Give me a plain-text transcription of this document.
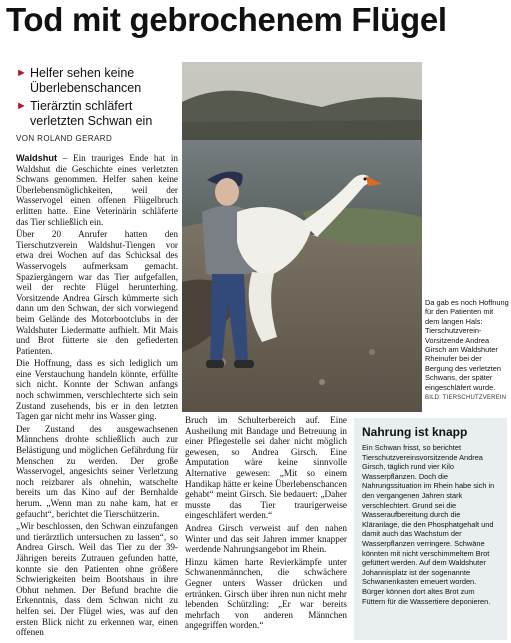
Tod mit gebrochenem Flügel
► Helfer sehen keine Überlebenschancen
► Tierärztin schläfert verletzten Schwan ein
VON ROLAND GERARD
Da gab es noch Hoffnung für den Patienten mit dem langen Hals: Tierschutzverein-Vorsitzende Andrea Girsch am Waldshuter Rheinufer bei der Bergung des verletzten Schwans, der später eingeschläfert wurde. BILD: TIERSCHUTZVEREIN

Waldshut – Ein trauriges Ende hat in Waldshut die Geschichte eines verletzten Schwans genommen. Helfer sahen keine Überlebensmöglichkeiten, weil der Wasservogel einen offenen Flügelbruch erlitten hatte. Eine Veterinärin schläferte das Tier schließlich ein.

Über 20 Anrufer hatten den Tierschutzverein Waldshut-Tiengen vor etwa drei Wochen auf das Schicksal des Wasservogels aufmerksam gemacht. Spaziergängern war das Tier aufgefallen, weil der rechte Flügel herunterhing. Vorsitzende Andrea Girsch kümmerte sich dann um den Schwan, der sich vorwiegend beim Gelände des Motorbootclubs in der Waldshuter Liedermatte aufhielt. Mit Mais und Brot fütterte sie den gefiederten Patienten.

Die Hoffnung, dass es sich lediglich um eine Verstauchung handeln könnte, erfüllte sich nicht. Konnte der Schwan anfangs noch schwimmen, verschlechterte sich sein Zustand zusehends, bis er in den letzten Tagen gar nicht mehr ins Wasser ging.

Der Zustand des ausgewachsenen Männchens drohte schließlich auch zur Belästigung und möglichen Gefährdung für Menschen zu werden. Der große Wasservogel, angesichts seiner Verletzung noch reizbarer als ohnehin, watschelte bereits um das Kino auf der Bernhalde herum. „Wenn man zu nahe kam, hat er gefaucht“, berichtet die Tierschützerin.

„Wir beschlossen, den Schwan einzufangen und tierärztlich untersuchen zu lassen“, so Andrea Girsch. Weil das Tier zu der 39-Jährigen bereits Zutrauen gefunden hatte, konnte sie den Patienten ohne größere Schwierigkeiten beim Bootshaus in ihre Obhut nehmen. Der Befund brachte die Erkenntnis, dass dem Schwan nicht zu helfen sei. Der Flügel wies, was auf den ersten Blick nicht zu erkennen war, einen offenen

Bruch im Schulterbereich auf. Eine Ausheilung mit Bandage und Betreuung in einer Pflegestelle sei daher nicht möglich gewesen, so Andrea Girsch. Eine Amputation wäre keine sinnvolle Alternative gewesen: „Mit so einem Handikap hätte er keine Überlebenschancen gehabt“ meint Girsch. Sie bedauert: „Daher musste das Tier traurigerweise eingeschläfert werden.“

Andrea Girsch verweist auf den nahen Winter und das seit Jahren immer knapper werdende Nahrungsangebot im Rhein.

Hinzu kämen harte Revierkämpfe unter Schwanenmännchen, die schwächere Gegner unters Wasser drücken und ertränken. Girsch über ihren nun nicht mehr lebenden Schützling: „Er war bereits mehrfach von anderen Männchen angegriffen worden.“

Nahrung ist knapp
Ein Schwan frisst, so berichtet Tierschutzvereinsvorsitzende Andrea Girsch, täglich rund vier Kilo Wasserpflanzen. Doch die Nahrungssituation im Rhein habe sich in den vergangenen Jahren stark verschlechtert. Grund sei die Wasseraufbereitung durch die Kläranlage, die den Phosphatgehalt und damit auch das Wachstum der Wasserpflanzen verringere. Schwäne könnten mit nicht verschimmeltem Brot gefüttert werden. Auf dem Waldshuter Johannisplatz ist der sogenannte Schwanenkasten erneuert worden. Bürger können dort altes Brot zum Füttern für die Wassertiere deponieren.
